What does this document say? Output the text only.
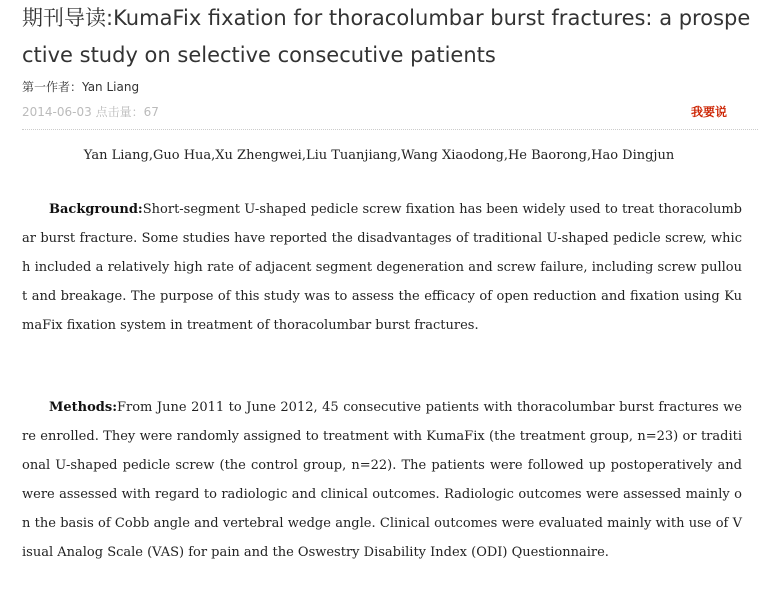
期刊导读:KumaFix fixation for thoracolumbar burst fractures: a prospective study on selective consecutive patients
第一作者：Yan Liang
2014-06-03 点击量：67	我要说
Yan Liang,Guo Hua,Xu Zhengwei,Liu Tuanjiang,Wang Xiaodong,He Baorong,Hao Dingjun

Background:Short-segment U-shaped pedicle screw fixation has been widely used to treat thoracolumbar burst fracture. Some studies have reported the disadvantages of traditional U-shaped pedicle screw, which included a relatively high rate of adjacent segment degeneration and screw failure, including screw pullout and breakage. The purpose of this study was to assess the efficacy of open reduction and fixation using KumaFix fixation system in treatment of thoracolumbar burst fractures.

Methods:From June 2011 to June 2012, 45 consecutive patients with thoracolumbar burst fractures were enrolled. They were randomly assigned to treatment with KumaFix (the treatment group, n=23) or traditional U-shaped pedicle screw (the control group, n=22). The patients were followed up postoperatively and were assessed with regard to radiologic and clinical outcomes. Radiologic outcomes were assessed mainly on the basis of Cobb angle and vertebral wedge angle. Clinical outcomes were evaluated mainly with use of Visual Analog Scale (VAS) for pain and the Oswestry Disability Index (ODI) Questionnaire.
